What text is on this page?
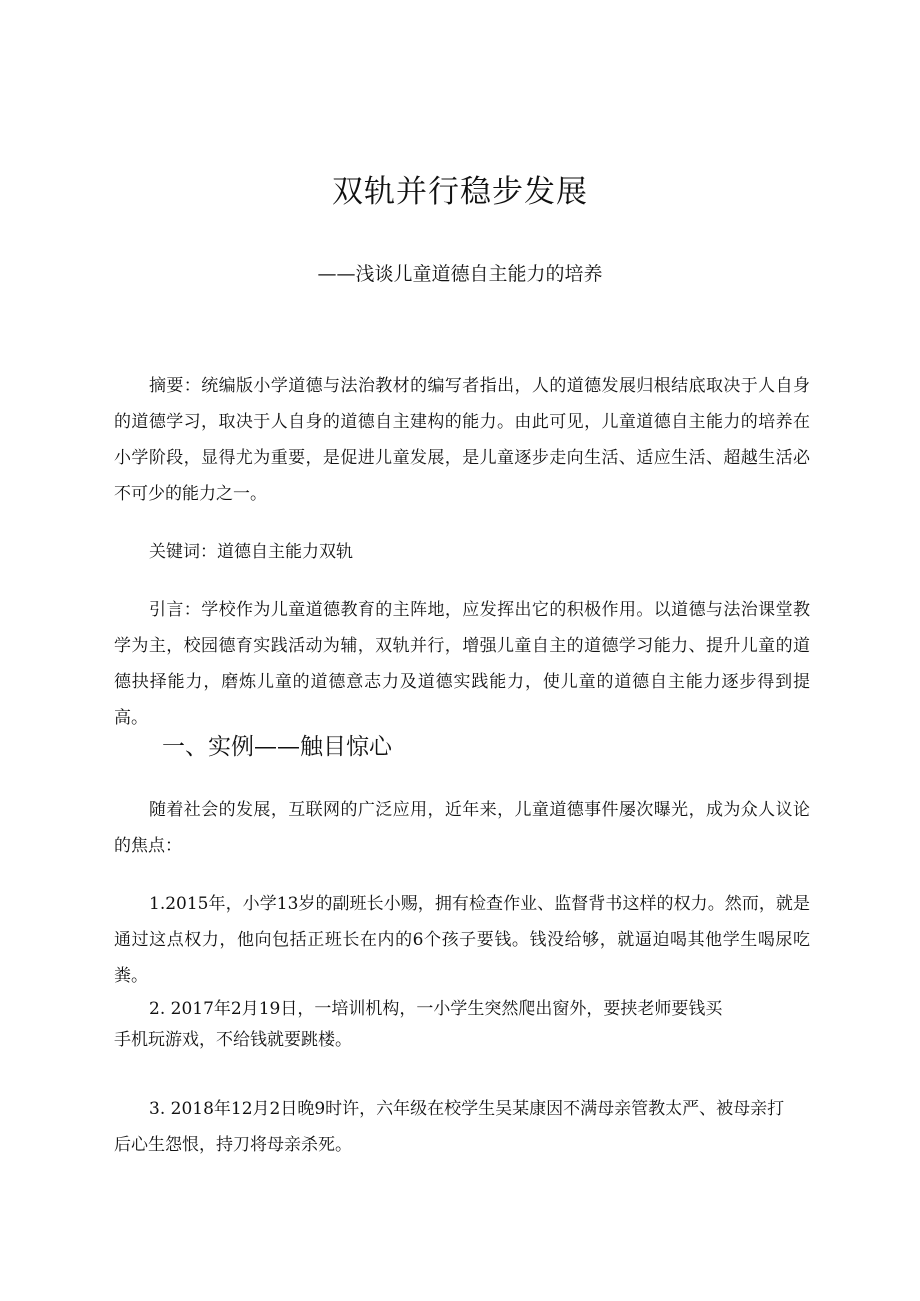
双轨并行稳步发展
——浅谈儿童道德自主能力的培养

摘要：统编版小学道德与法治教材的编写者指出，人的道德发展归根结底取决于人自身的道德学习，取决于人自身的道德自主建构的能力。由此可见，儿童道德自主能力的培养在小学阶段，显得尤为重要，是促进儿童发展，是儿童逐步走向生活、适应生活、超越生活必不可少的能力之一。

关键词：道德自主能力双轨

引言：学校作为儿童道德教育的主阵地，应发挥出它的积极作用。以道德与法治课堂教学为主，校园德育实践活动为辅，双轨并行，增强儿童自主的道德学习能力、提升儿童的道德抉择能力，磨炼儿童的道德意志力及道德实践能力，使儿童的道德自主能力逐步得到提高。

一、实例——触目惊心

随着社会的发展，互联网的广泛应用，近年来，儿童道德事件屡次曝光，成为众人议论的焦点：

1.2015年，小学13岁的副班长小赐，拥有检查作业、监督背书这样的权力。然而，就是通过这点权力，他向包括正班长在内的6个孩子要钱。钱没给够，就逼迫喝其他学生喝尿吃粪。

2. 2017年2月19日，一培训机构，一小学生突然爬出窗外，要挟老师要钱买

手机玩游戏，不给钱就要跳楼。

3. 2018年12月2日晚9时许，六年级在校学生吴某康因不满母亲管教太严、被母亲打

后心生怨恨，持刀将母亲杀死。
